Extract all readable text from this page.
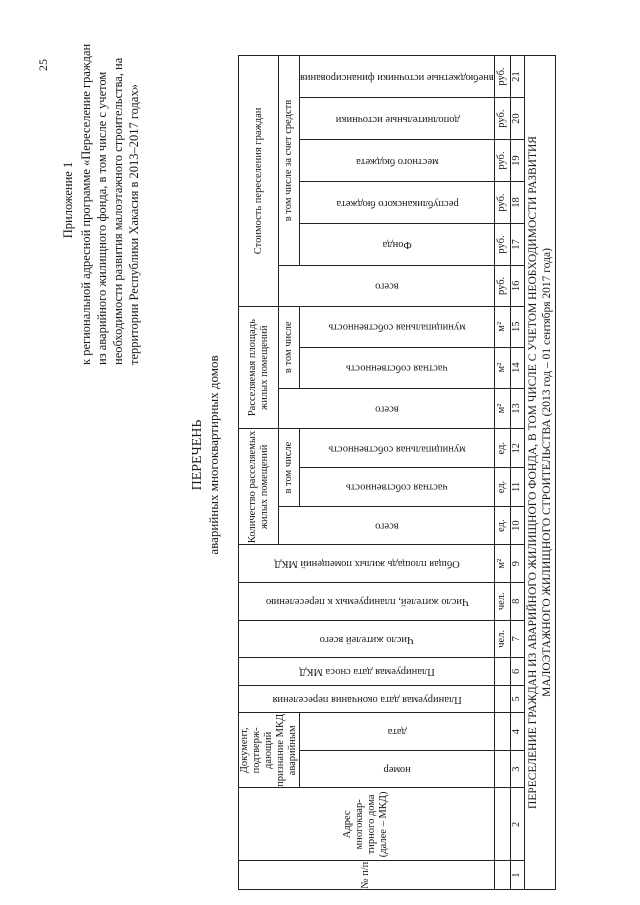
25
Приложение 1 к региональной адресной программе «Переселение граждан из аварийного жилищного фонда, в том числе с учетом необходимости развития малоэтажного строительства, на территории Республики Хакасия в 2013–2017 годах»
ПЕРЕЧЕНЬ аварийных многоквартирных домов
№ п/п	Адрес многоквар-тирного дома (далее – МКД)	Документ, подтверж-дающий признание МКД аварийным		Планируемая дата окончания переселения	Планируемая дата сноса МКД	Число жителей всего	Число жителей, планируемых к переселению	Общая площадь жилых помещений МКД	Количество расселяемых жилых помещений			Расселяемая площадь жилых помещений			Стоимость переселения граждан					

									всего	в том числе		всего	в том числе		всего	в том числе за счет средств				

		номер	дата							частная собственность	муниципальная собственность		частная собственность	муниципальная собственность		Фонда	республиканского бюджета	местного бюджета	дополнительные источники	внебюджетные источники финансирования

						чел.	чел.	м²	ед.	ед.	ед.	м²	м²	м²	руб.	руб.	руб.	руб.	руб.	руб.
1	2	3	4	5	6	7	8	9	10	11	12	13	14	15	16	17	18	19	20	21

ПЕРЕСЕЛЕНИЕ ГРАЖДАН ИЗ АВАРИЙНОГО ЖИЛИЩНОГО ФОНДА, В ТОМ ЧИСЛЕ С УЧЕТОМ НЕОБХОДИМОСТИ РАЗВИТИЯ МАЛОЭТАЖНОГО ЖИЛИЩНОГО СТРОИТЕЛЬСТВА (2013 год – 01 сентября 2017 года)																				
